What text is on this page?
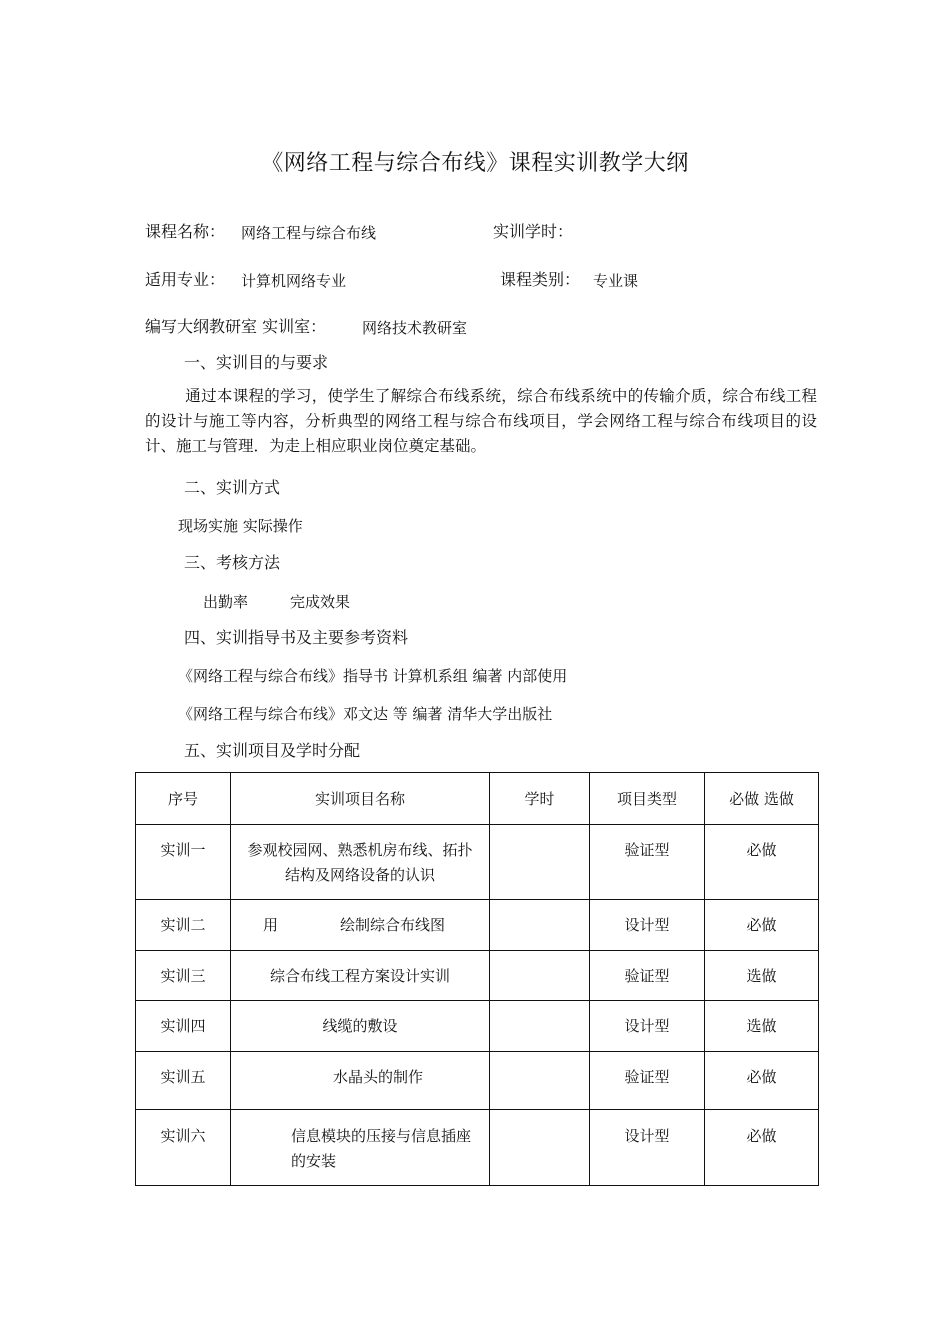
《网络工程与综合布线》课程实训教学大纲
课程名称： 网络工程与综合布线	实训学时：
适用专业： 计算机网络专业	课程类别： 专业课
编写大纲教研室 实训室： 网络技术教研室
一、实训目的与要求
通过本课程的学习，使学生了解综合布线系统，综合布线系统中的传输介质，综合布线工程的设计与施工等内容，分析典型的网络工程与综合布线项目，学会网络工程与综合布线项目的设计、施工与管理．为走上相应职业岗位奠定基础。
二、实训方式
现场实施 实际操作
三、考核方法
出勤率	完成效果
四、实训指导书及主要参考资料
《网络工程与综合布线》指导书 计算机系组 编著 内部使用
《网络工程与综合布线》邓文达 等 编著 清华大学出版社
五、实训项目及学时分配
序号	实训项目名称	学时	项目类型	必做 选做

实训一	参观校园网、熟悉机房布线、拓扑结构及网络设备的认识		验证型	必做

实训二	用 绘制综合布线图		设计型	必做

实训三	综合布线工程方案设计实训		验证型	选做

实训四	线缆的敷设		设计型	选做

实训五	水晶头的制作		验证型	必做

实训六	信息模块的压接与信息插座的安装		设计型	必做
